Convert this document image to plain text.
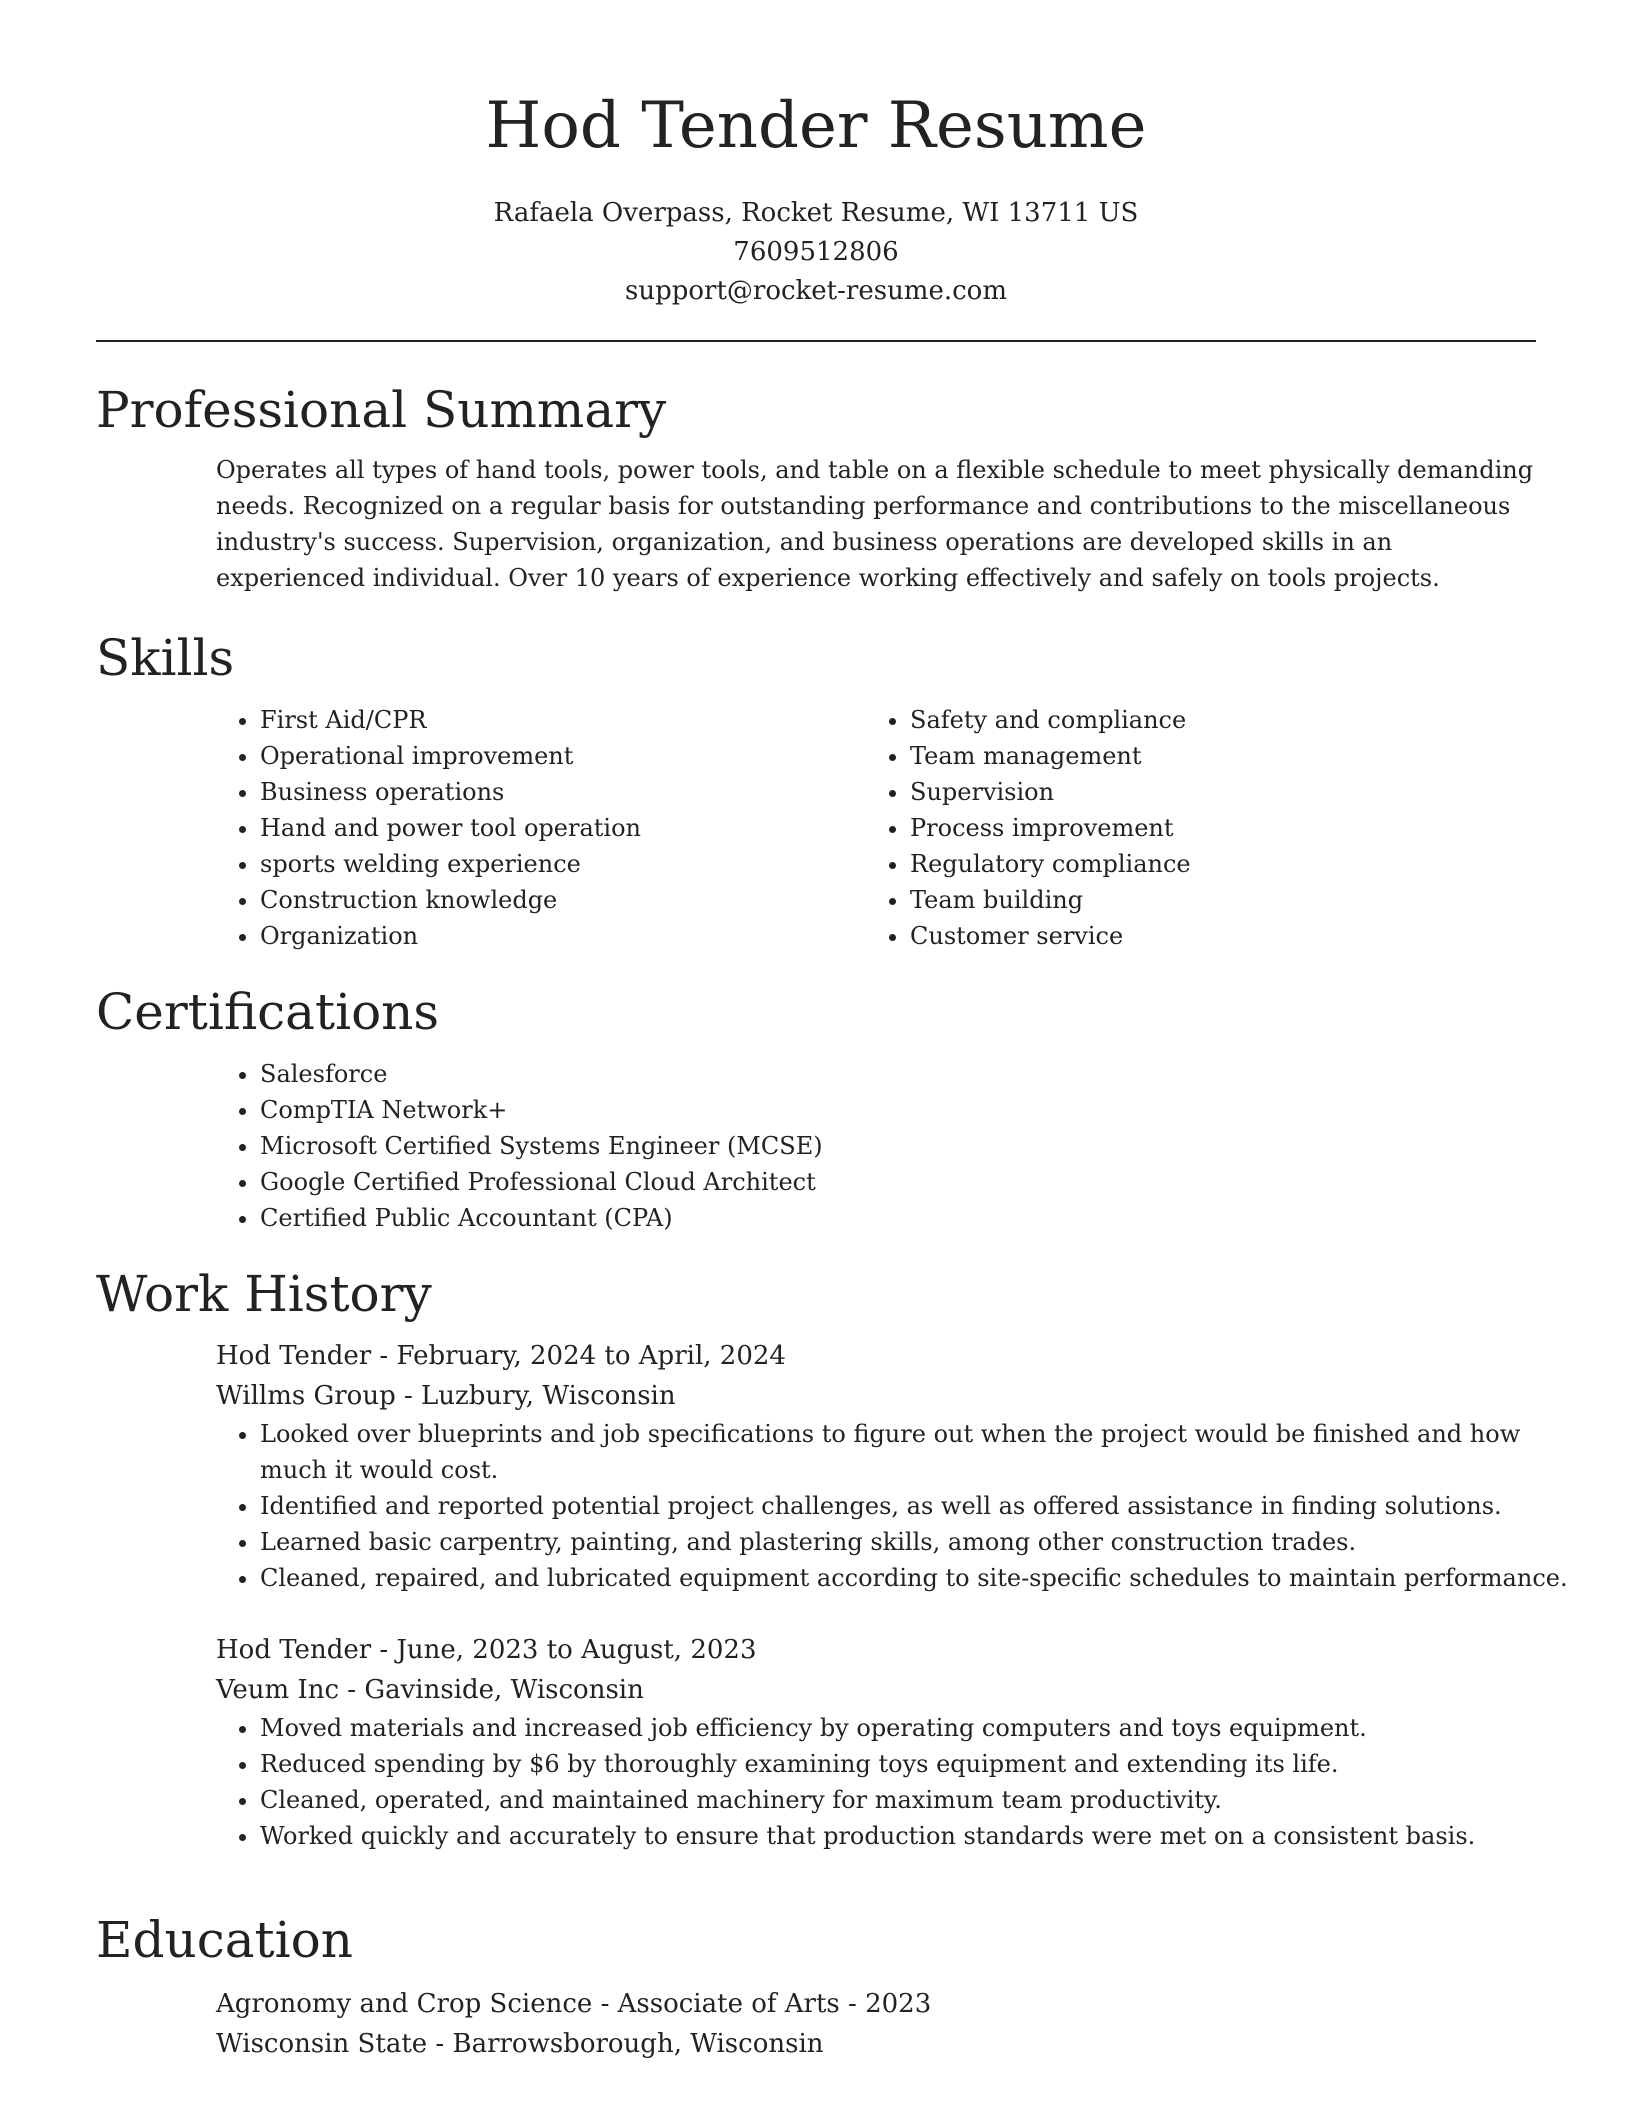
Hod Tender Resume

Rafaela Overpass, Rocket Resume, WI 13711 US

7609512806

support@rocket-resume.com

Professional Summary

Operates all types of hand tools, power tools, and table on a flexible schedule to meet physically demanding needs. Recognized on a regular basis for outstanding performance and contributions to the miscellaneous industry's success. Supervision, organization, and business operations are developed skills in an experienced individual. Over 10 years of experience working effectively and safely on tools projects.

Skills
• First Aid/CPR
• Operational improvement
• Business operations
• Hand and power tool operation
• sports welding experience
• Construction knowledge
• Organization
• Safety and compliance
• Team management
• Supervision
• Process improvement
• Regulatory compliance
• Team building
• Customer service
Certifications
• Salesforce
• CompTIA Network+
• Microsoft Certified Systems Engineer (MCSE)
• Google Certified Professional Cloud Architect
• Certified Public Accountant (CPA)
Work History

Hod Tender - February, 2024 to April, 2024

Willms Group - Luzbury, Wisconsin

• Looked over blueprints and job specifications to figure out when the project would be finished and how much it would cost.
• Identified and reported potential project challenges, as well as offered assistance in finding solutions.
• Learned basic carpentry, painting, and plastering skills, among other construction trades.
• Cleaned, repaired, and lubricated equipment according to site-specific schedules to maintain performance.

Hod Tender - June, 2023 to August, 2023

Veum Inc - Gavinside, Wisconsin

• Moved materials and increased job efficiency by operating computers and toys equipment.
• Reduced spending by $6 by thoroughly examining toys equipment and extending its life.
• Cleaned, operated, and maintained machinery for maximum team productivity.
• Worked quickly and accurately to ensure that production standards were met on a consistent basis.
Education

Agronomy and Crop Science - Associate of Arts - 2023

Wisconsin State - Barrowsborough, Wisconsin
